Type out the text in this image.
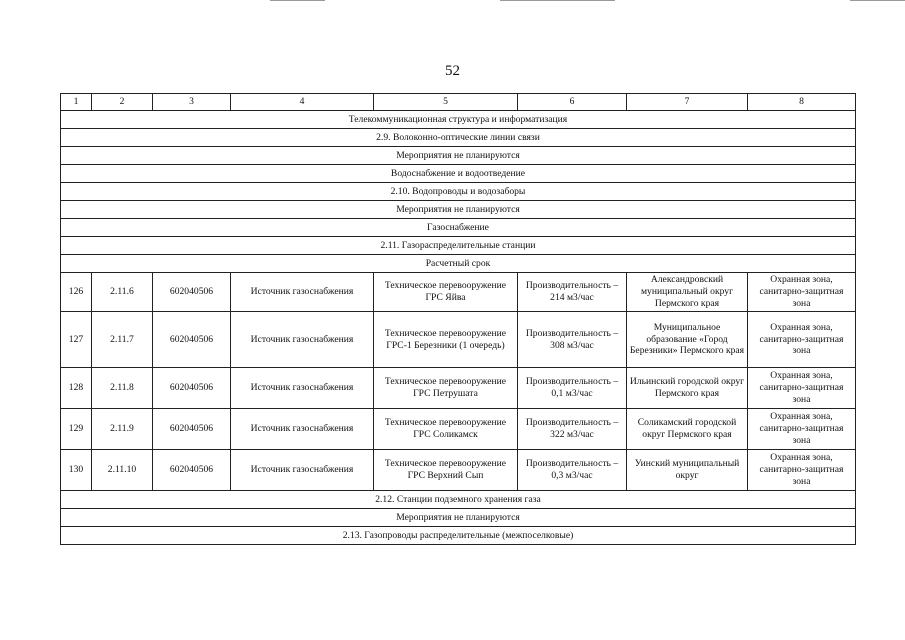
52
1	2	3	4	5	6	7	8
Телекоммуникационная структура и информатизация							
2.9. Волоконно-оптические линии связи							
Мероприятия не планируются							
Водоснабжение и водоотведение							
2.10. Водопроводы и водозаборы							
Мероприятия не планируются							
Газоснабжение							
2.11. Газораспределительные станции							
Расчетный срок							
126	2.11.6	602040506	Источник газоснабжения	Техническое перевооружение ГРС Яйва	Производительность – 214 м3/час	Александровский муниципальный округ Пермского края	Охранная зона, санитарно-защитная зона
127	2.11.7	602040506	Источник газоснабжения	Техническое перевооружение ГРС-1 Березники (1 очередь)	Производительность – 308 м3/час	Муниципальное образование «Город Березники» Пермского края	Охранная зона, санитарно-защитная зона
128	2.11.8	602040506	Источник газоснабжения	Техническое перевооружение ГРС Петрушата	Производительность – 0,1 м3/час	Ильинский городской округ Пермского края	Охранная зона, санитарно-защитная зона
129	2.11.9	602040506	Источник газоснабжения	Техническое перевооружение ГРС Соликамск	Производительность – 322 м3/час	Соликамский городской округ Пермского края	Охранная зона, санитарно-защитная зона
130	2.11.10	602040506	Источник газоснабжения	Техническое перевооружение ГРС Верхний Сып	Производительность – 0,3 м3/час	Уинский муниципальный округ	Охранная зона, санитарно-защитная зона
2.12. Станции подземного хранения газа							
Мероприятия не планируются							
2.13. Газопроводы распределительные (межпоселковые)							
